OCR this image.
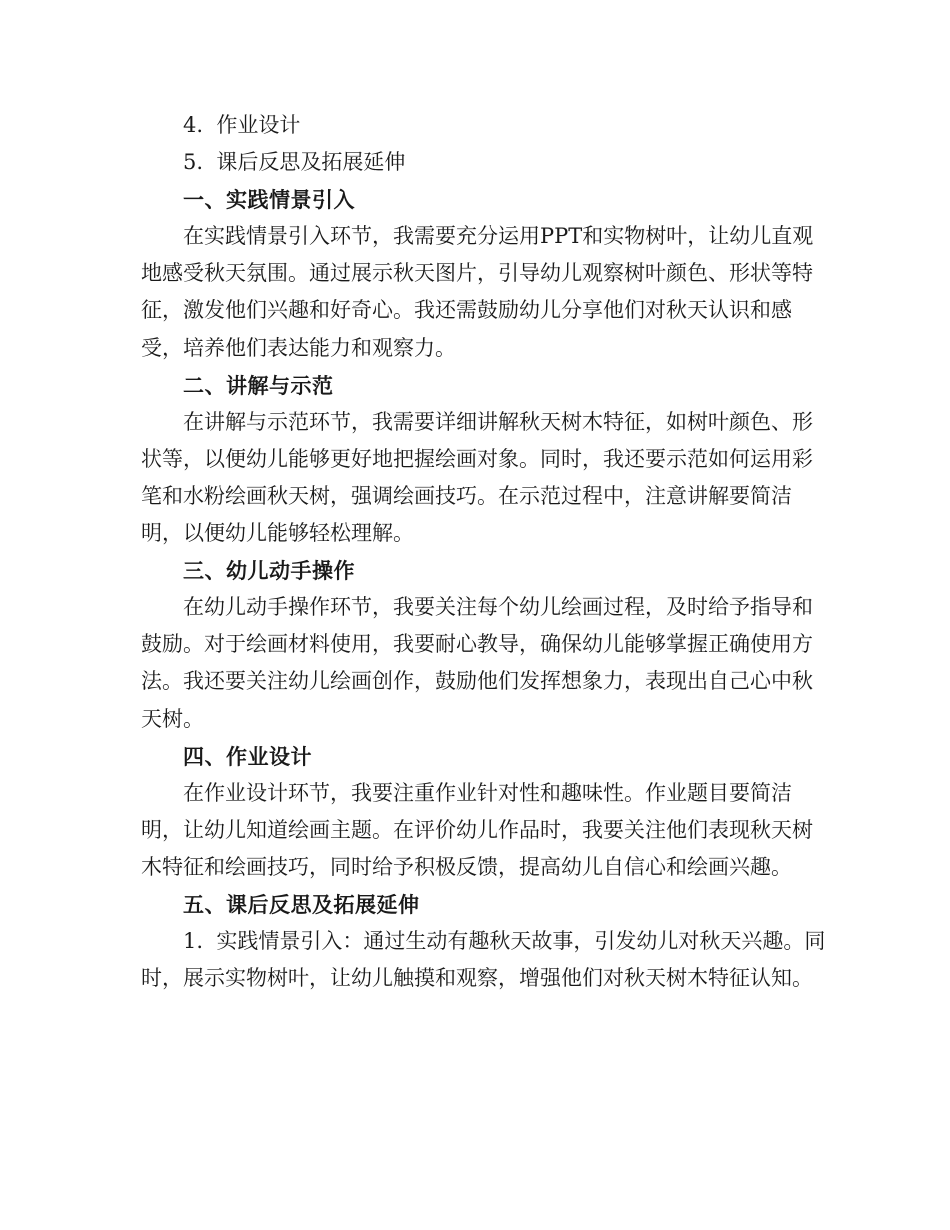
4.  作业设计

5.  课后反思及拓展延伸

一、实践情景引入

在实践情景引入环节，我需要充分运用PPT和实物树叶，让幼儿直观地感受秋天氛围。通过展示秋天图片，引导幼儿观察树叶颜色、形状等特征，激发他们兴趣和好奇心。我还需鼓励幼儿分享他们对秋天认识和感受，培养他们表达能力和观察力。

二、讲解与示范

在讲解与示范环节，我需要详细讲解秋天树木特征，如树叶颜色、形状等，以便幼儿能够更好地把握绘画对象。同时，我还要示范如何运用彩笔和水粉绘画秋天树，强调绘画技巧。在示范过程中，注意讲解要简洁明，以便幼儿能够轻松理解。

三、幼儿动手操作

在幼儿动手操作环节，我要关注每个幼儿绘画过程，及时给予指导和鼓励。对于绘画材料使用，我要耐心教导，确保幼儿能够掌握正确使用方法。我还要关注幼儿绘画创作，鼓励他们发挥想象力，表现出自己心中秋天树。

四、作业设计

在作业设计环节，我要注重作业针对性和趣味性。作业题目要简洁明，让幼儿知道绘画主题。在评价幼儿作品时，我要关注他们表现秋天树木特征和绘画技巧，同时给予积极反馈，提高幼儿自信心和绘画兴趣。

五、课后反思及拓展延伸

1.  实践情景引入：通过生动有趣秋天故事，引发幼儿对秋天兴趣。同时，展示实物树叶，让幼儿触摸和观察，增强他们对秋天树木特征认知。
